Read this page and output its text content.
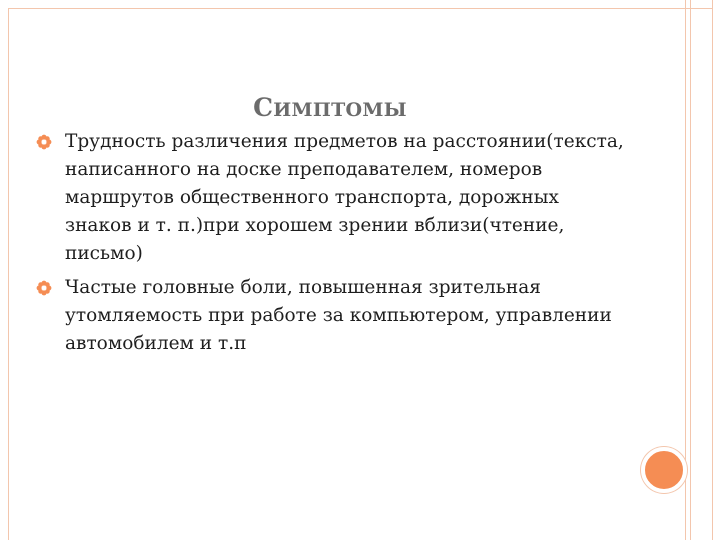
СИМПТОМЫ
Трудность различения предметов на расстоянии(текста, написанного на доске преподавателем, номеров маршрутов общественного транспорта, дорожных знаков и т. п.)при хорошем зрении вблизи(чтение, письмо)
Частые головные боли, повышенная зрительная утомляемость при работе за компьютером, управлении автомобилем и т.п
